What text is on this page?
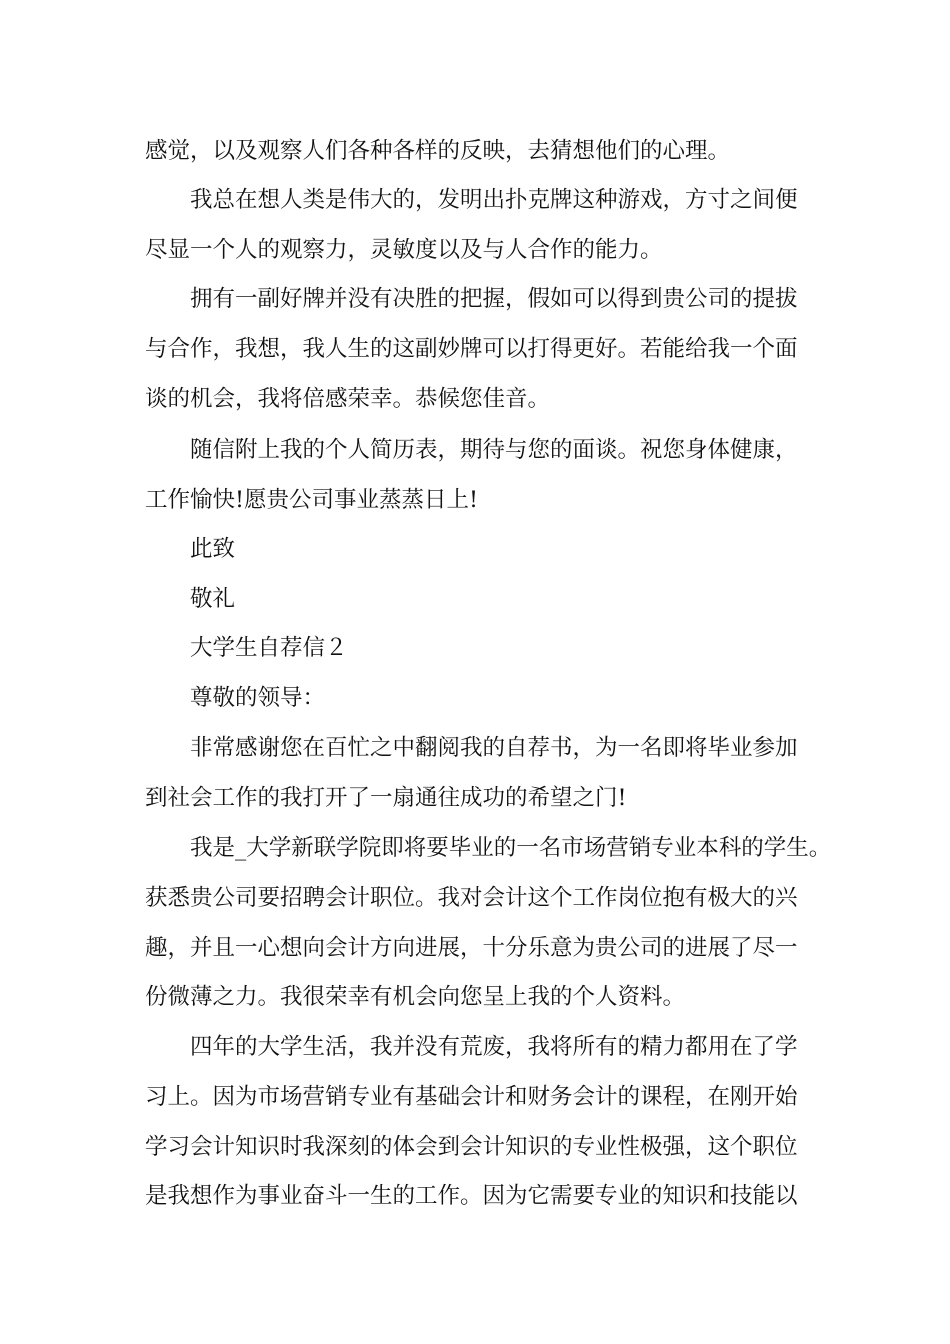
感觉，以及观察人们各种各样的反映，去猜想他们的心理。
我总在想人类是伟大的，发明出扑克牌这种游戏，方寸之间便
尽显一个人的观察力，灵敏度以及与人合作的能力。
拥有一副好牌并没有决胜的把握，假如可以得到贵公司的提拔
与合作，我想，我人生的这副妙牌可以打得更好。若能给我一个面
谈的机会，我将倍感荣幸。恭候您佳音。
随信附上我的个人简历表，期待与您的面谈。祝您身体健康，
工作愉快!愿贵公司事业蒸蒸日上!
此致
敬礼
大学生自荐信２
尊敬的领导：
非常感谢您在百忙之中翻阅我的自荐书，为一名即将毕业参加
到社会工作的我打开了一扇通往成功的希望之门!
我是_大学新联学院即将要毕业的一名市场营销专业本科的学生。
获悉贵公司要招聘会计职位。我对会计这个工作岗位抱有极大的兴
趣，并且一心想向会计方向进展，十分乐意为贵公司的进展了尽一
份微薄之力。我很荣幸有机会向您呈上我的个人资料。
四年的大学生活，我并没有荒废，我将所有的精力都用在了学
习上。因为市场营销专业有基础会计和财务会计的课程，在刚开始
学习会计知识时我深刻的体会到会计知识的专业性极强，这个职位
是我想作为事业奋斗一生的工作。因为它需要专业的知识和技能以
